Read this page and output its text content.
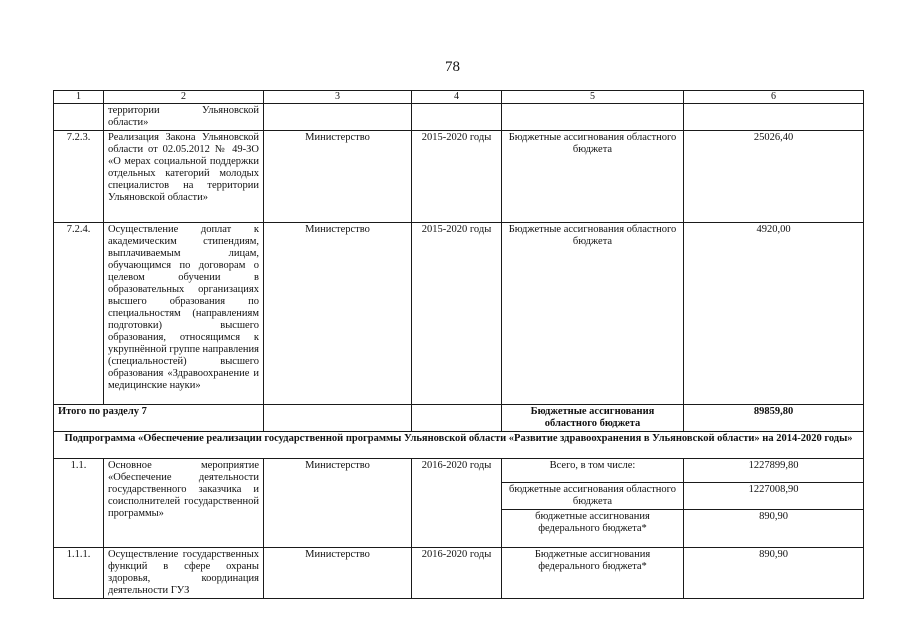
78
1	2	3	4	5	6
	территории Ульяновской области»				
7.2.3.	Реализация Закона Ульяновской области от 02.05.2012 № 49-ЗО «О мерах социальной поддержки отдельных категорий молодых специалистов на территории Ульяновской области»	Министерство	2015-2020 годы	Бюджетные ассигнования областного бюджета	25026,40
7.2.4.	Осуществление доплат к академическим стипендиям, выплачиваемым лицам, обучающимся по договорам о целевом обучении в образовательных организациях высшего образования по специальностям (направлениям подготовки) высшего образования, относящимся к укрупнённой группе направления (специальностей) высшего образования «Здравоохранение и медицинские науки»	Министерство	2015-2020 годы	Бюджетные ассигнования областного бюджета	4920,00
Итого по разделу 7				Бюджетные ассигнования областного бюджета	89859,80
Подпрограмма «Обеспечение реализации государственной программы Ульяновской области «Развитие здравоохранения в Ульяновской области» на 2014-2020 годы»					
1.1.	Основное мероприятие «Обеспечение деятельности государственного заказчика и соисполнителей государственной программы»	Министерство	2016-2020 годы	Всего, в том числе:	1227899,80
				бюджетные ассигнования областного бюджета	1227008,90
				бюджетные ассигнования федерального бюджета*	890,90
1.1.1.	Осуществление государственных функций в сфере охраны здоровья, координация деятельности ГУЗ	Министерство	2016-2020 годы	Бюджетные ассигнования федерального бюджета*	890,90
